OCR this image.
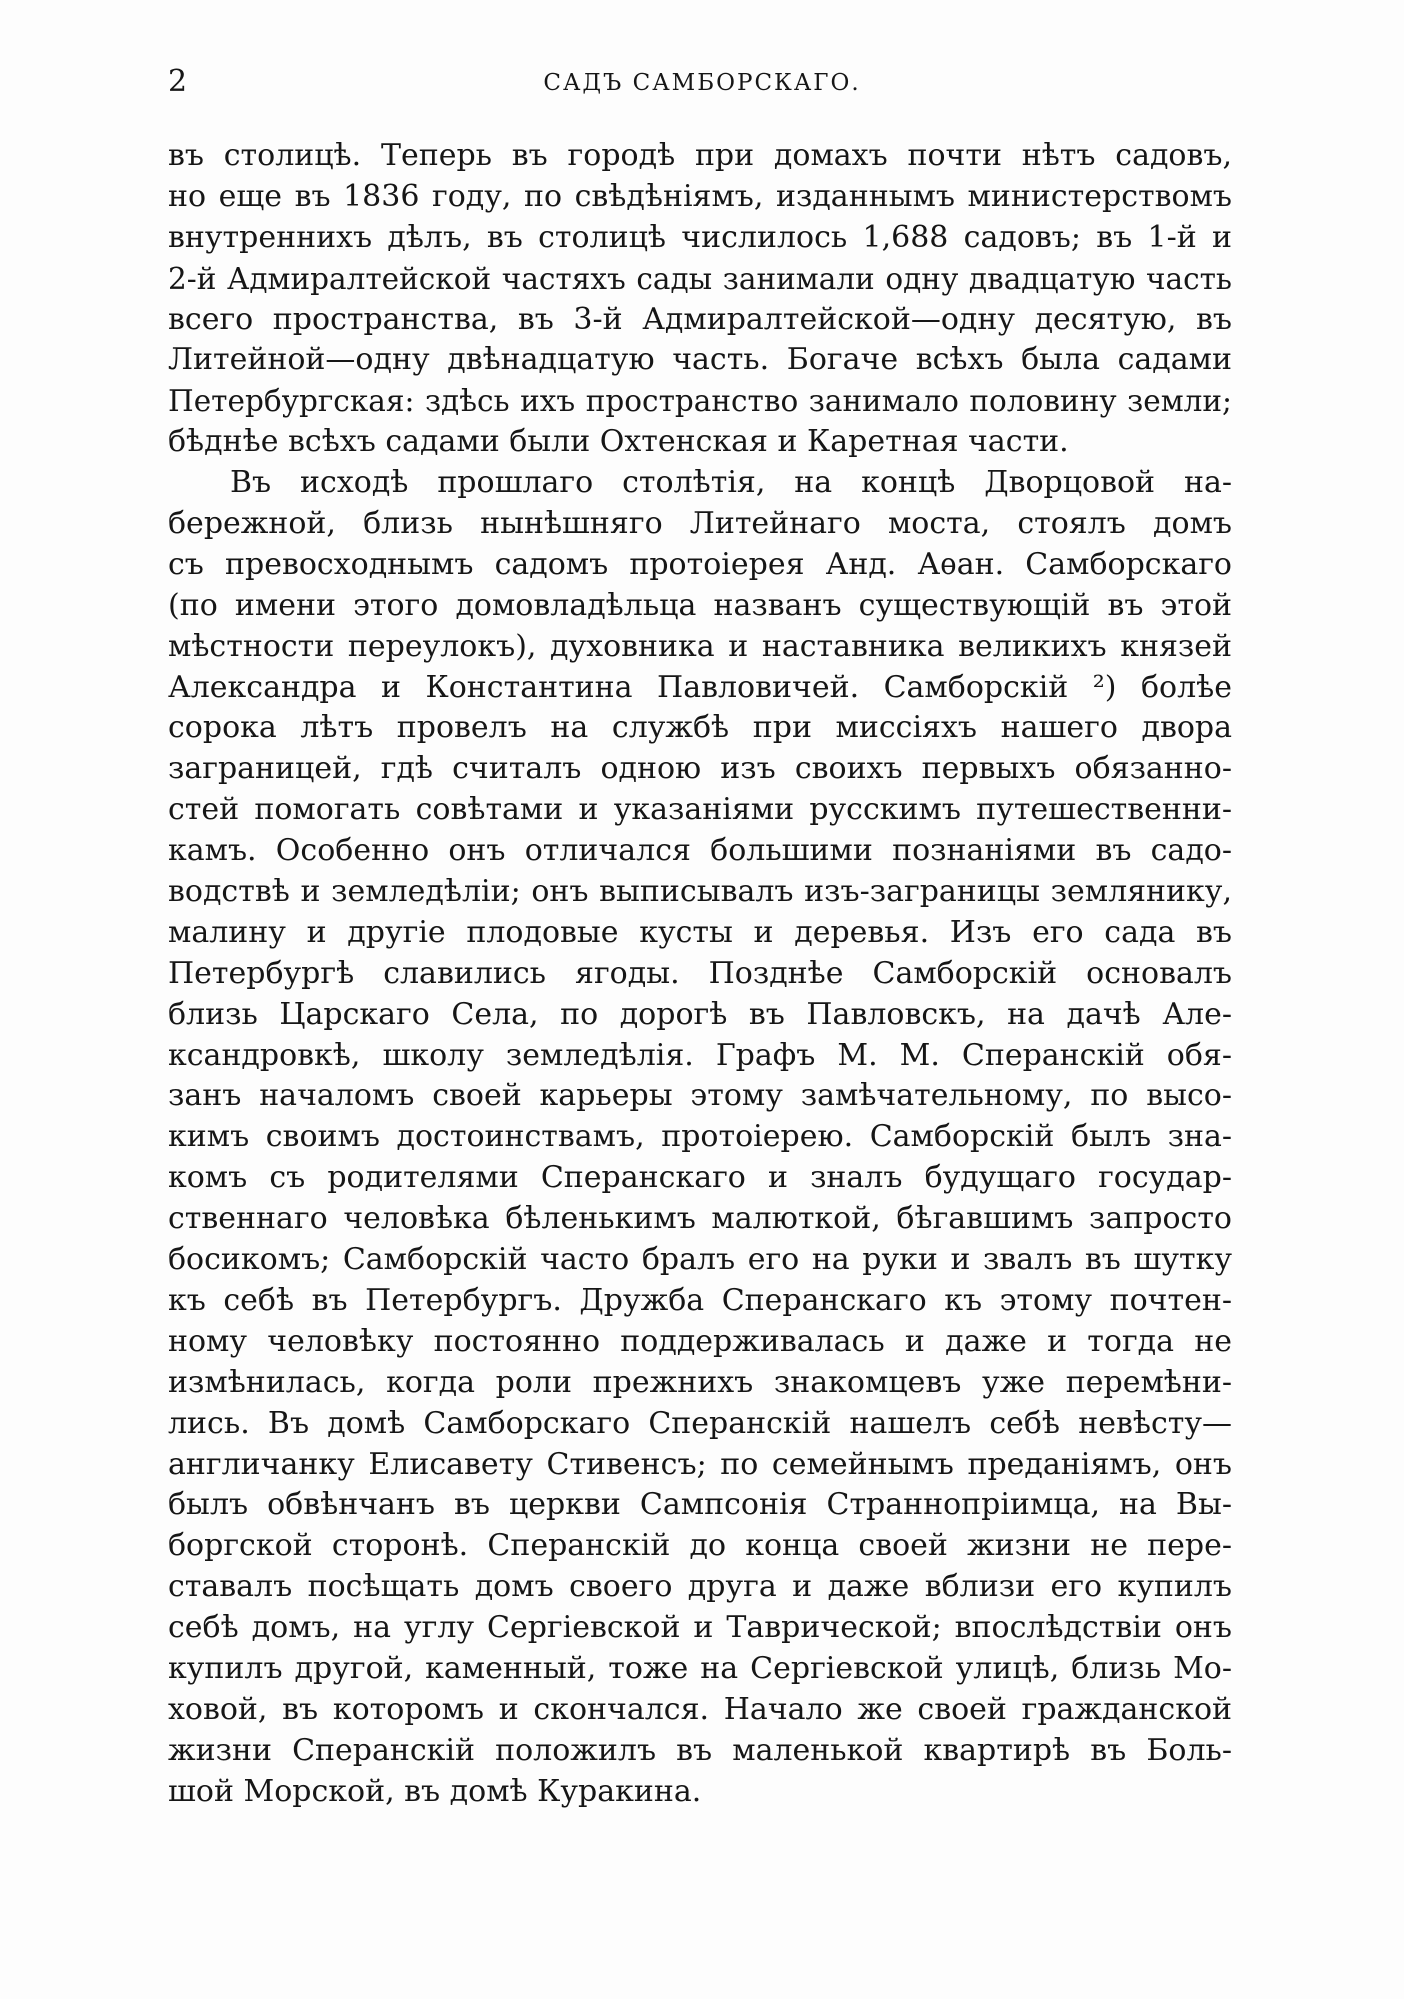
2	САДЪ САМБОРСКАГО.
въ столицѣ. Теперь въ городѣ при домахъ почти нѣтъ садовъ,
но еще въ 1836 году, по свѣдѣніямъ, изданнымъ министерствомъ
внутреннихъ дѣлъ, въ столицѣ числилось 1,688 садовъ; въ 1-й и
2-й Адмиралтейской частяхъ сады занимали одну двадцатую часть
всего пространства, въ 3-й Адмиралтейской—одну десятую, въ
Литейной—одну двѣнадцатую часть. Богаче всѣхъ была садами
Петербургская: здѣсь ихъ пространство занимало половину земли;
бѣднѣе всѣхъ садами были Охтенская и Каретная части.
Въ исходѣ прошлаго столѣтія, на концѣ Дворцовой на-
бережной, близь нынѣшняго Литейнаго моста, стоялъ домъ
съ превосходнымъ садомъ протоіерея Анд. Аѳан. Самборскаго
(по имени этого домовладѣльца названъ существующій въ этой
мѣстности переулокъ), духовника и наставника великихъ князей
Александра и Константина Павловичей. Самборскій ²) болѣе
сорока лѣтъ провелъ на службѣ при миссіяхъ нашего двора
заграницей, гдѣ считалъ одною изъ своихъ первыхъ обязанно-
стей помогать совѣтами и указаніями русскимъ путешественни-
камъ. Особенно онъ отличался большими познаніями въ садо-
водствѣ и земледѣліи; онъ выписывалъ изъ-заграницы землянику,
малину и другіе плодовые кусты и деревья. Изъ его сада въ
Петербургѣ славились ягоды. Позднѣе Самборскій основалъ
близь Царскаго Села, по дорогѣ въ Павловскъ, на дачѣ Але-
ксандровкѣ, школу земледѣлія. Графъ М. М. Сперанскій обя-
занъ началомъ своей карьеры этому замѣчательному, по высо-
кимъ своимъ достоинствамъ, протоіерею. Самборскій былъ зна-
комъ съ родителями Сперанскаго и зналъ будущаго государ-
ственнаго человѣка бѣленькимъ малюткой, бѣгавшимъ запросто
босикомъ; Самборскій часто бралъ его на руки и звалъ въ шутку
къ себѣ въ Петербургъ. Дружба Сперанскаго къ этому почтен-
ному человѣку постоянно поддерживалась и даже и тогда не
измѣнилась, когда роли прежнихъ знакомцевъ уже перемѣни-
лись. Въ домѣ Самборскаго Сперанскій нашелъ себѣ невѣсту—
англичанку Елисавету Стивенсъ; по семейнымъ преданіямъ, онъ
былъ обвѣнчанъ въ церкви Сампсонія Страннопріимца, на Вы-
боргской сторонѣ. Сперанскій до конца своей жизни не пере-
ставалъ посѣщать домъ своего друга и даже вблизи его купилъ
себѣ домъ, на углу Сергіевской и Таврической; впослѣдствіи онъ
купилъ другой, каменный, тоже на Сергіевской улицѣ, близь Мо-
ховой, въ которомъ и скончался. Начало же своей гражданской
жизни Сперанскій положилъ въ маленькой квартирѣ въ Боль-
шой Морской, въ домѣ Куракина.
